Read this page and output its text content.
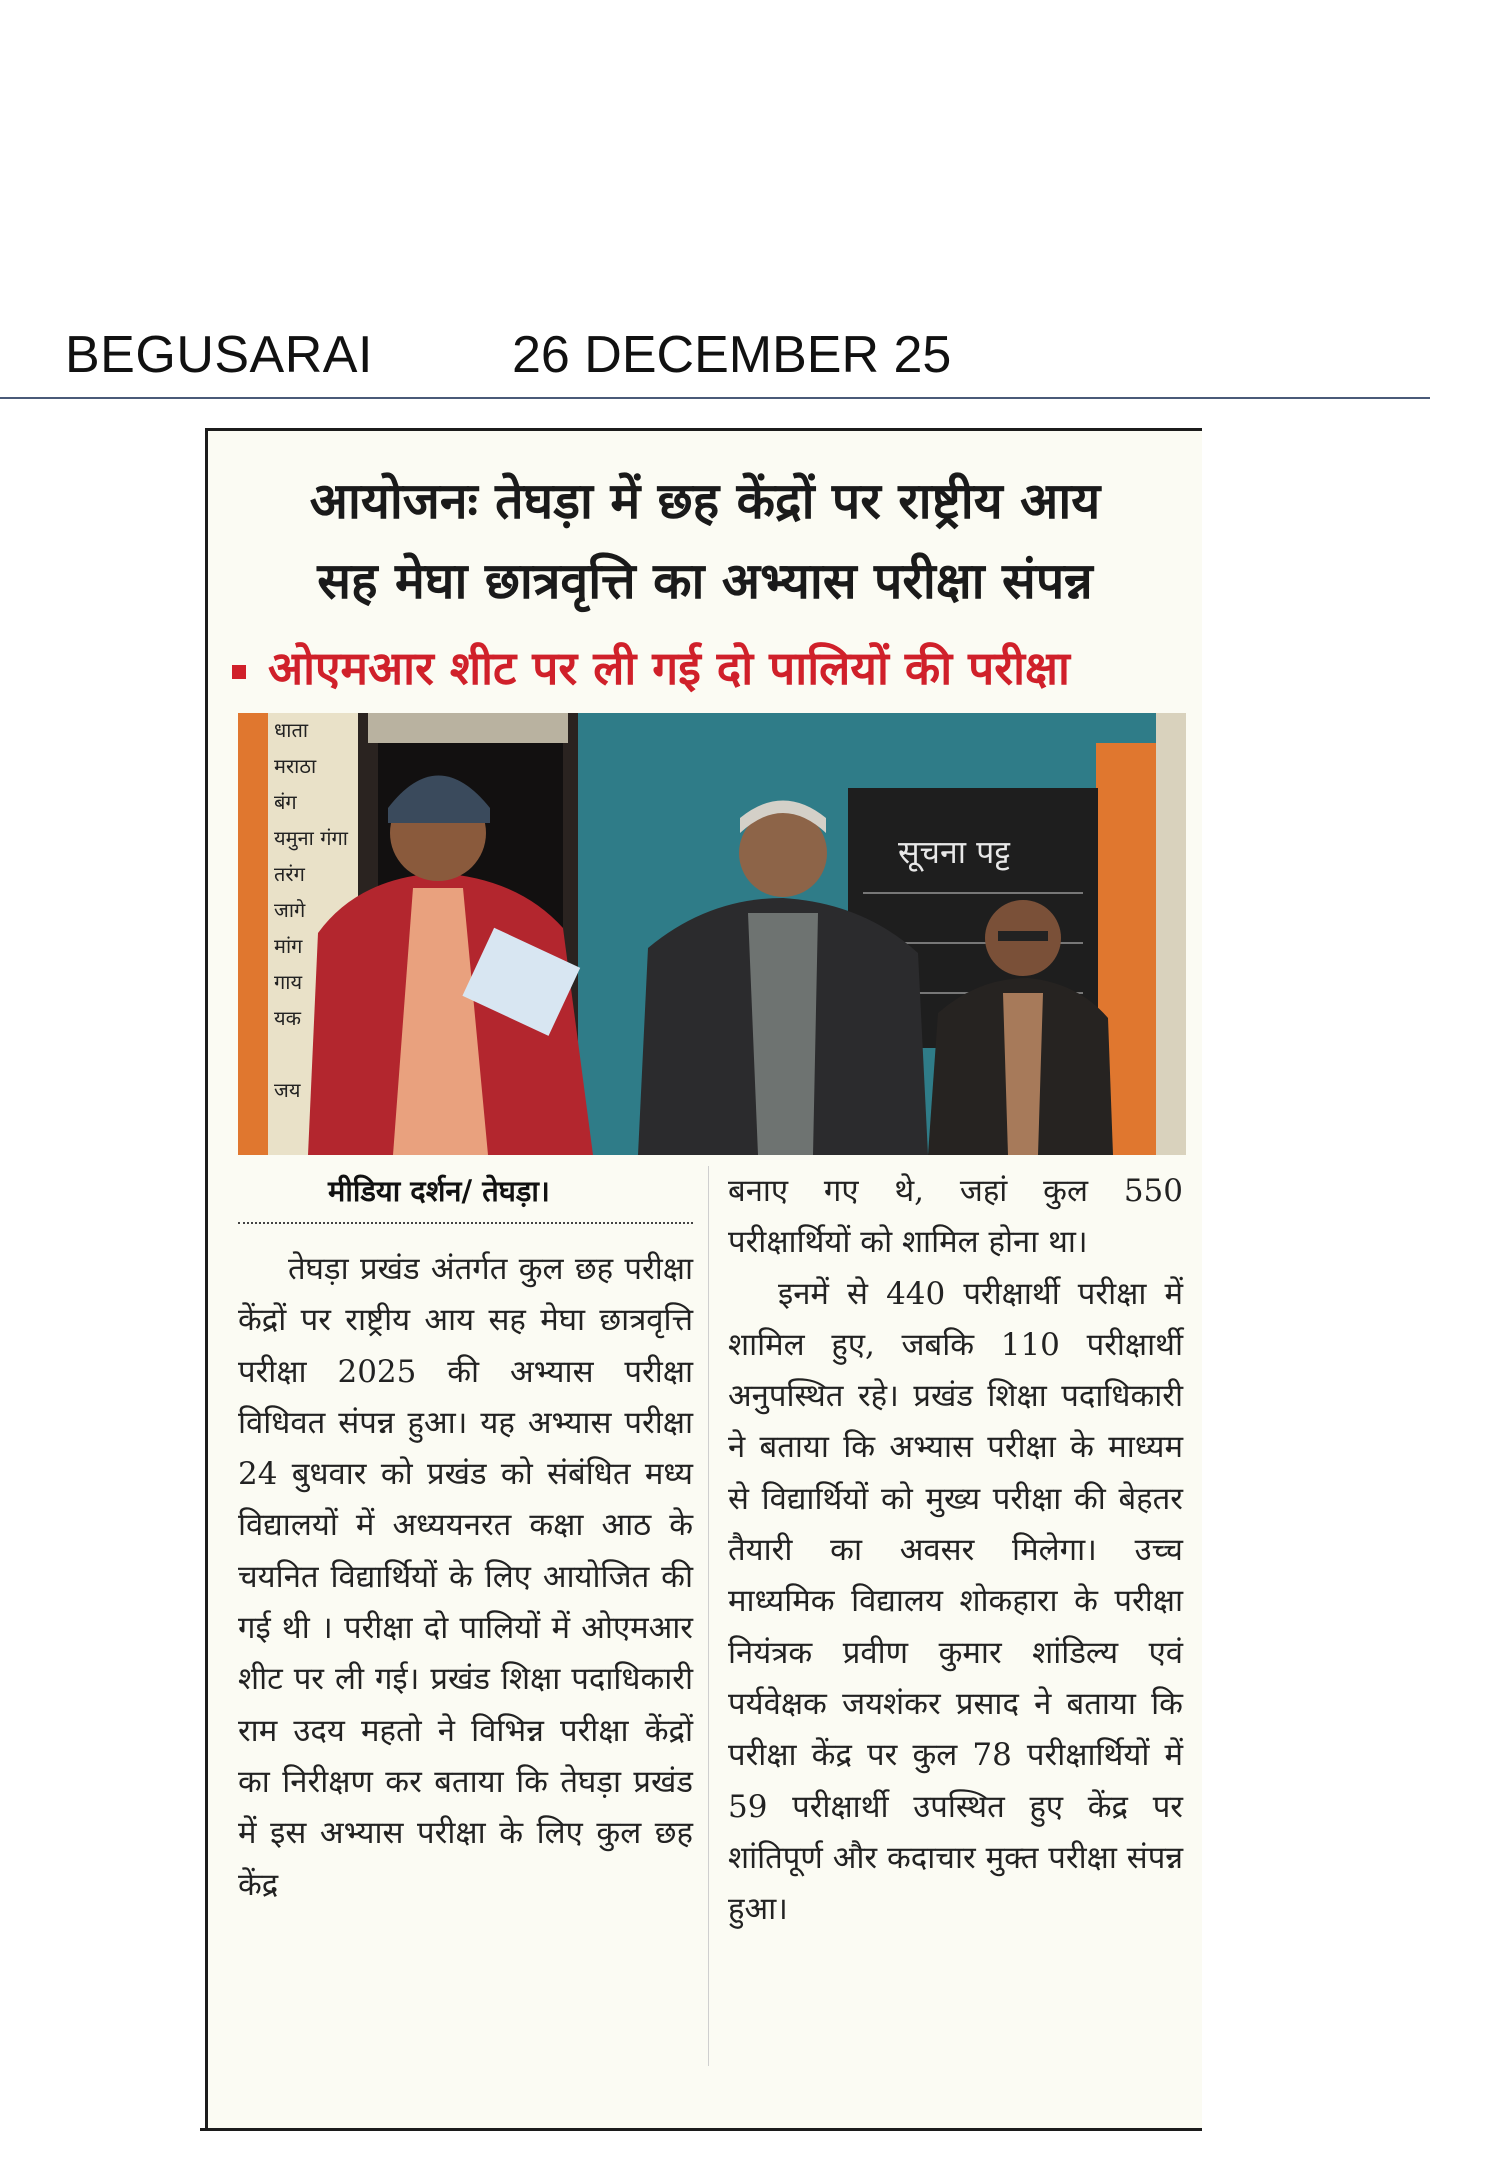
BEGUSARAI	26 DECEMBER 25
आयोजनः तेघड़ा में छह केंद्रों पर राष्ट्रीय आय
सह मेघा छात्रवृत्ति का अभ्यास परीक्षा संपन्न
ओएमआर शीट पर ली गई दो पालियों की परीक्षा
सूचना पट्ट
धाता
मराठा
बंग
यमुना गंगा
तरंग
जागे
मांग
गाय
यक
जय
मीडिया दर्शन/ तेघड़ा।
तेघड़ा प्रखंड अंतर्गत कुल छह परीक्षा केंद्रों पर राष्ट्रीय आय सह मेघा छात्रवृत्ति परीक्षा 2025 की अभ्यास परीक्षा विधिवत संपन्न हुआ। यह अभ्यास परीक्षा 24 बुधवार को प्रखंड को संबंधित मध्य विद्यालयों में अध्ययनरत कक्षा आठ के चयनित विद्यार्थियों के लिए आयोजित की गई थी । परीक्षा दो पालियों में ओएमआर शीट पर ली गई। प्रखंड शिक्षा पदाधिकारी राम उदय महतो ने विभिन्न परीक्षा केंद्रों का निरीक्षण कर बताया कि तेघड़ा प्रखंड में इस अभ्यास परीक्षा के लिए कुल छह केंद्र
बनाए गए थे, जहां कुल 550 परीक्षार्थियों को शामिल होना था।
इनमें से 440 परीक्षार्थी परीक्षा में शामिल हुए, जबकि 110 परीक्षार्थी अनुपस्थित रहे। प्रखंड शिक्षा पदाधिकारी ने बताया कि अभ्यास परीक्षा के माध्यम से विद्यार्थियों को मुख्य परीक्षा की बेहतर तैयारी का अवसर मिलेगा। उच्च माध्यमिक विद्यालय शोकहारा के परीक्षा नियंत्रक प्रवीण कुमार शांडिल्य एवं पर्यवेक्षक जयशंकर प्रसाद ने बताया कि परीक्षा केंद्र पर कुल 78 परीक्षार्थियों में 59 परीक्षार्थी उपस्थित हुए केंद्र पर शांतिपूर्ण और कदाचार मुक्त परीक्षा संपन्न हुआ।
